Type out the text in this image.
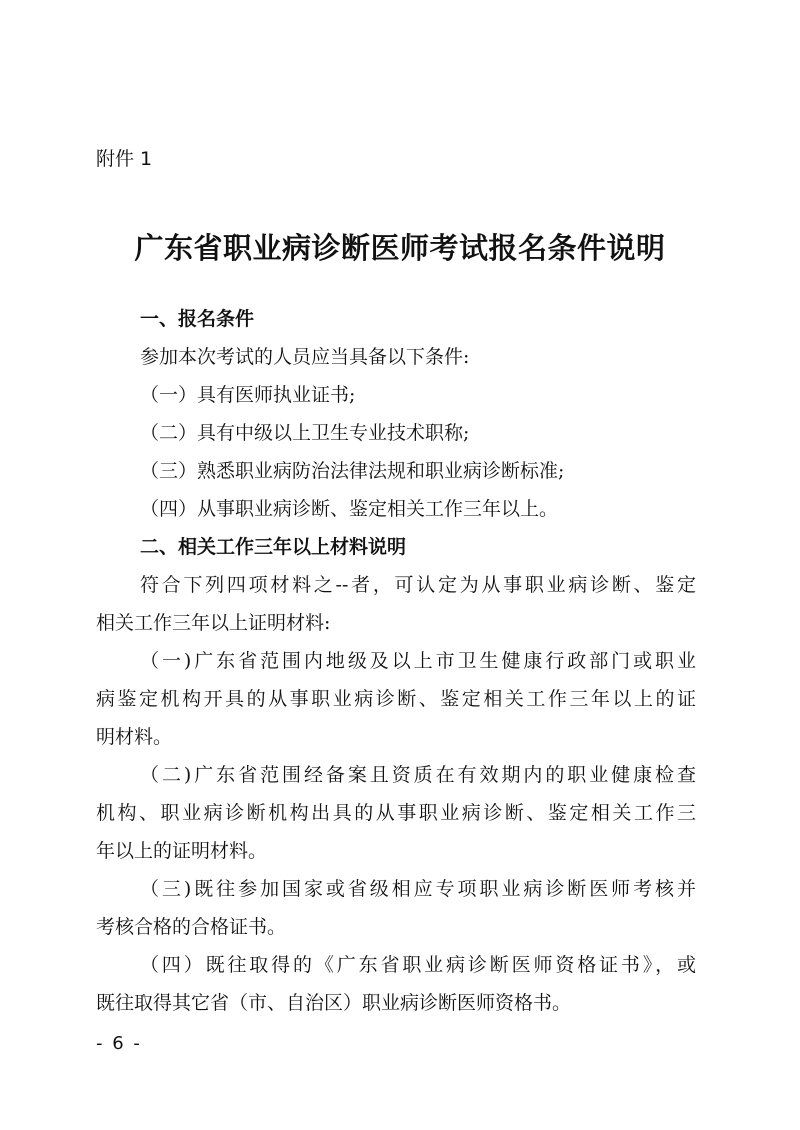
附件 1
广东省职业病诊断医师考试报名条件说明
一、报名条件
参加本次考试的人员应当具备以下条件:
（一）具有医师执业证书;
（二）具有中级以上卫生专业技术职称;
（三）熟悉职业病防治法律法规和职业病诊断标准;
（四）从事职业病诊断、鉴定相关工作三年以上。
二、相关工作三年以上材料说明
符合下列四项材料之--者，可认定为从事职业病诊断、鉴定
相关工作三年以上证明材料:
（一)广东省范围内地级及以上市卫生健康行政部门或职业
病鉴定机构开具的从事职业病诊断、鉴定相关工作三年以上的证
明材料。
（二)广东省范围经备案且资质在有效期内的职业健康检查
机构、职业病诊断机构出具的从事职业病诊断、鉴定相关工作三
年以上的证明材料。
（三)既往参加国家或省级相应专项职业病诊断医师考核并
考核合格的合格证书。
（四）既往取得的《广东省职业病诊断医师资格证书》，或
既往取得其它省（市、自治区）职业病诊断医师资格书。
- 6 -
